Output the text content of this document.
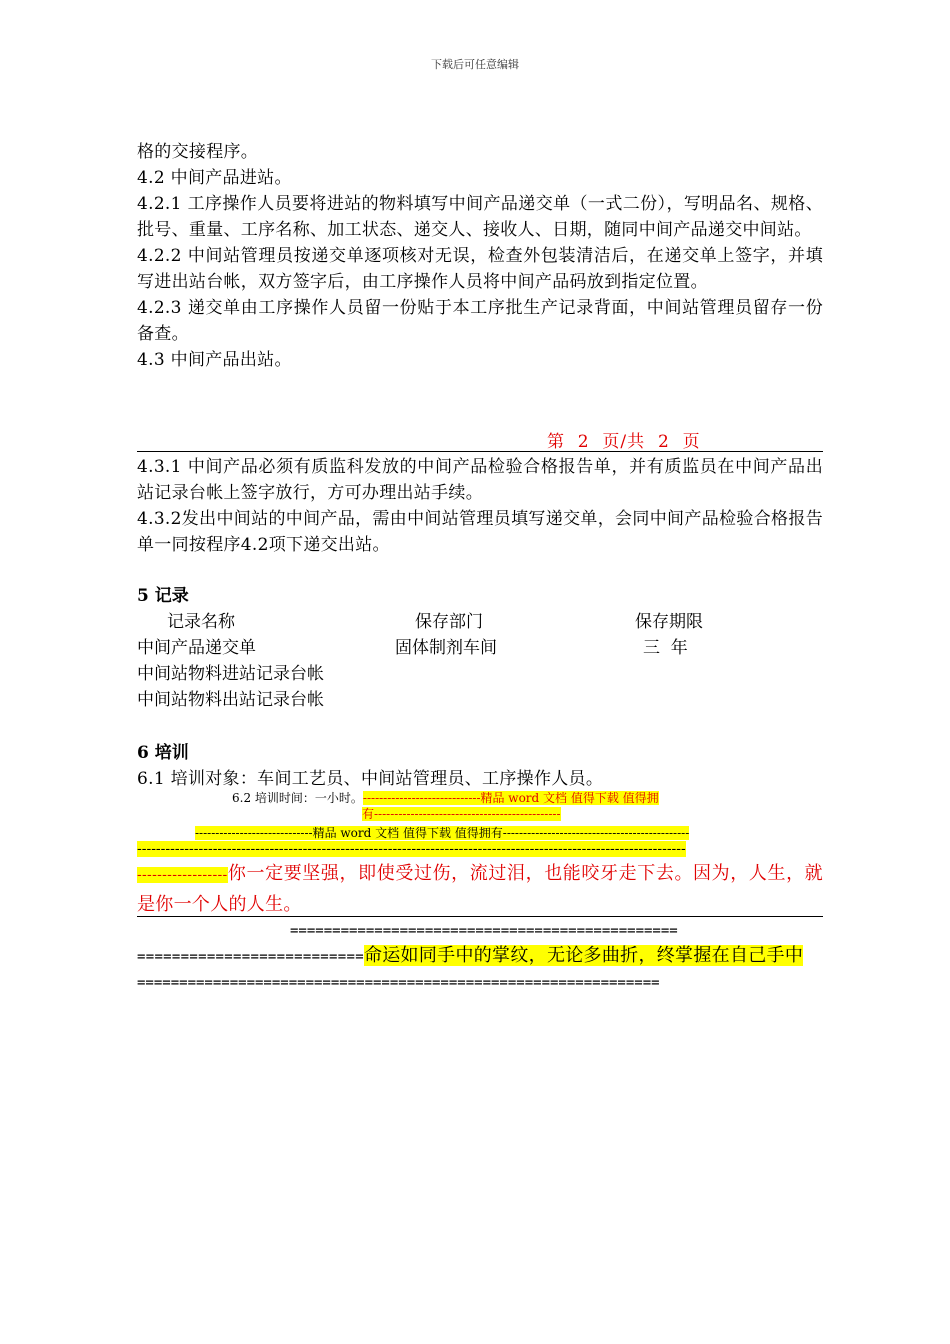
下载后可任意编辑

格的交接程序。

4.2 中间产品进站。

4.2.1 工序操作人员要将进站的物料填写中间产品递交单（一式二份），写明品名、规格、批号、重量、工序名称、加工状态、递交人、接收人、日期，随同中间产品递交中间站。

4.2.2 中间站管理员按递交单逐项核对无误，检查外包装清洁后，在递交单上签字，并填写进出站台帐，双方签字后，由工序操作人员将中间产品码放到指定位置。

4.2.3 递交单由工序操作人员留一份贴于本工序批生产记录背面，中间站管理员留存一份备查。

4.3 中间产品出站。

第  2  页/共  2  页

4.3.1 中间产品必须有质监科发放的中间产品检验合格报告单，并有质监员在中间产品出站记录台帐上签字放行，方可办理出站手续。

4.3.2发出中间站的中间产品，需由中间站管理员填写递交单，会同中间产品检验合格报告单一同按程序4.2项下递交出站。

5 记录

记录名称	保存部门	保存期限
中间产品递交单	固体制剂车间	三  年
中间站物料进站记录台帐
中间站物料出站记录台帐

6 培训

6.1 培训对象：车间工艺员、中间站管理员、工序操作人员。

6.2 培训时间：一小时。-----------------------------精品 word 文档 值得下载 值得拥
有----------------------------------------------
-----------------------------精品 word 文档 值得下载 值得拥有----------------------------------------------
--------------------------------------------------------------------------------------------------------------------

------------------你一定要坚强，即使受过伤，流过泪，也能咬牙走下去。因为，人生，就是你一个人的人生。

==============================================

==========================命运如同手中的掌纹，无论多曲折，终掌握在自己手中

==============================================================
